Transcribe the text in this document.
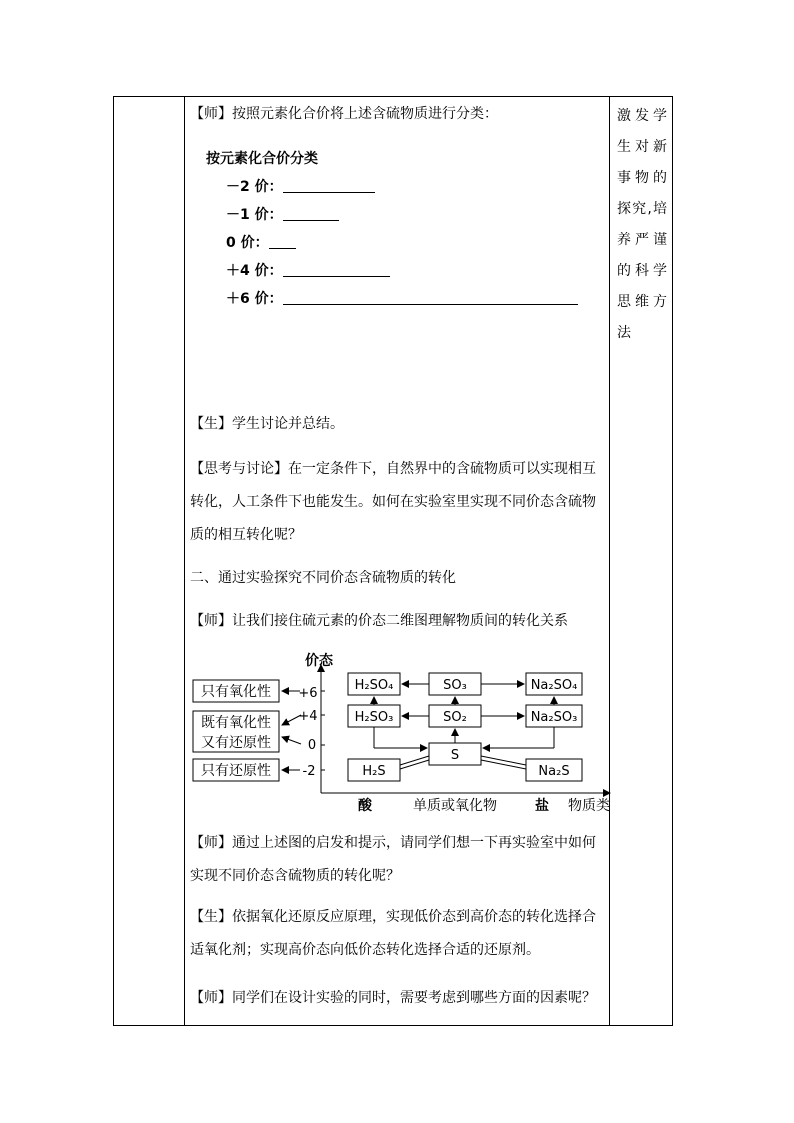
【师】按照元素化合价将上述含硫物质进行分类：
按元素化合价分类
－2 价：
－1 价：
0 价：
＋4 价：
＋6 价：
【生】学生讨论并总结。
【思考与讨论】在一定条件下，自然界中的含硫物质可以实现相互转化，人工条件下也能发生。如何在实验室里实现不同价态含硫物质的相互转化呢？
二、通过实验探究不同价态含硫物质的转化
【师】让我们接住硫元素的价态二维图理解物质间的转化关系
价态
+6
+4
0
-2
酸	单质或氧化物	盐 物质类
只有氧化性
既有氧化性
又有还原性
只有还原性
H₂SO₄	SO₃	Na₂SO₄
H₂SO₃	SO₂	Na₂SO₃
S
H₂S	Na₂S
【师】通过上述图的启发和提示，请同学们想一下再实验室中如何实现不同价态含硫物质的转化呢？
【生】依据氧化还原反应原理，实现低价态到高价态的转化选择合适氧化剂；实现高价态向低价态转化选择合适的还原剂。
【师】同学们在设计实验的同时，需要考虑到哪些方面的因素呢？
激发学生对新事物的探究,培养严谨的科学思维方法
